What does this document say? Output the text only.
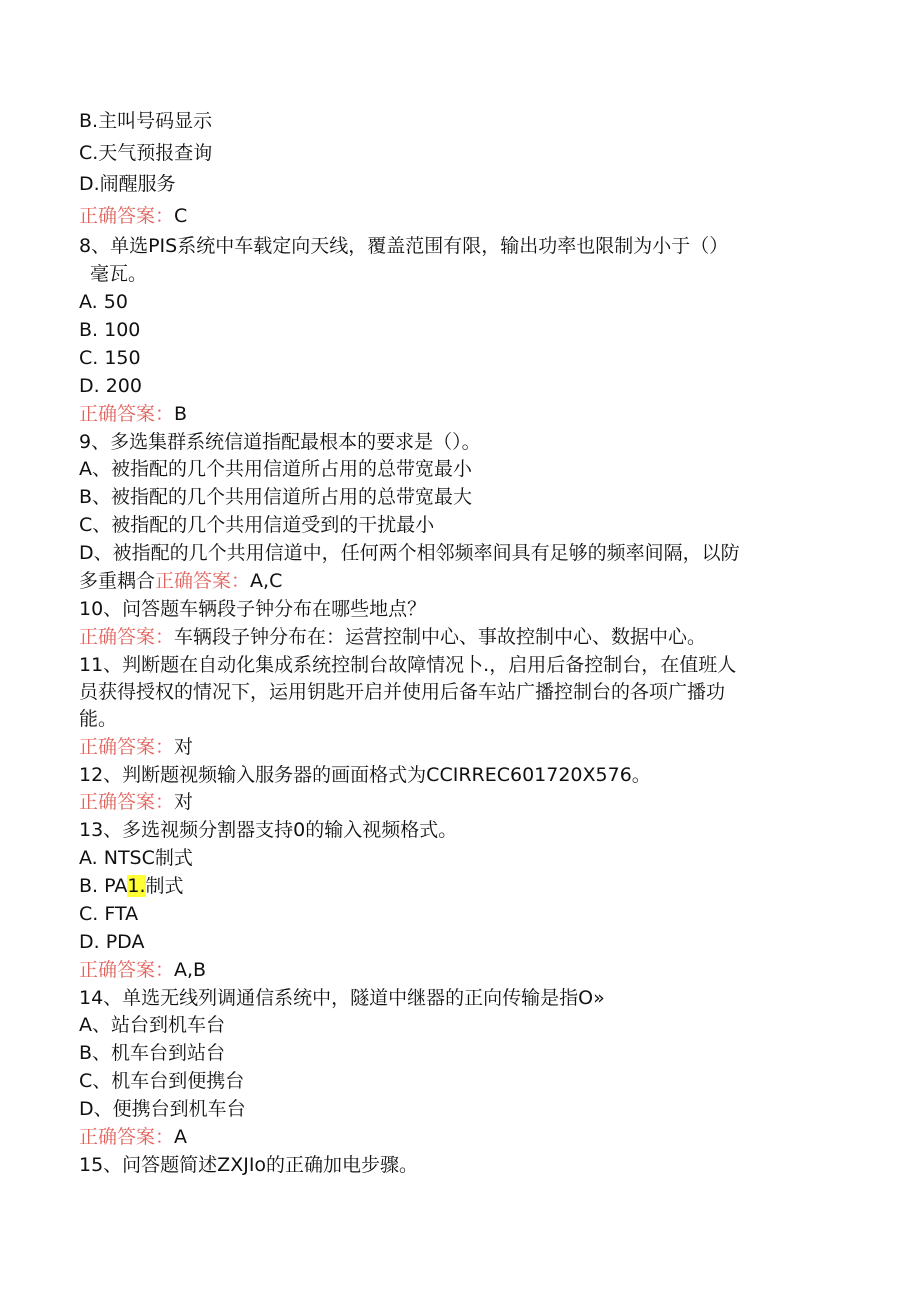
B.主叫号码显示
C.天气预报查询
D.闹醒服务
正确答案：C
8、单选PIS系统中车载定向天线，覆盖范围有限，输出功率也限制为小于（）
毫瓦。
A. 50
B. 100
C. 150
D. 200
正确答案：B
9、多选集群系统信道指配最根本的要求是（）。
A、被指配的几个共用信道所占用的总带宽最小
B、被指配的几个共用信道所占用的总带宽最大
C、被指配的几个共用信道受到的干扰最小
D、被指配的几个共用信道中，任何两个相邻频率间具有足够的频率间隔，以防
多重耦合正确答案：A,C
10、问答题车辆段子钟分布在哪些地点？
正确答案：车辆段子钟分布在：运营控制中心、事故控制中心、数据中心。
11、判断题在自动化集成系统控制台故障情况卜.，启用后备控制台，在值班人
员获得授权的情况下，运用钥匙开启并使用后备车站广播控制台的各项广播功
能。
正确答案：对
12、判断题视频输入服务器的画面格式为CCIRREC601720X576。
正确答案：对
13、多选视频分割器支持0的输入视频格式。
A. NTSC制式
B. PA1.制式
C. FTA
D. PDA
正确答案：A,B
14、单选无线列调通信系统中，隧道中继器的正向传输是指O»
A、站台到机车台
B、机车台到站台
C、机车台到便携台
D、便携台到机车台
正确答案：A
15、问答题简述ZXJIo的正确加电步骤。
